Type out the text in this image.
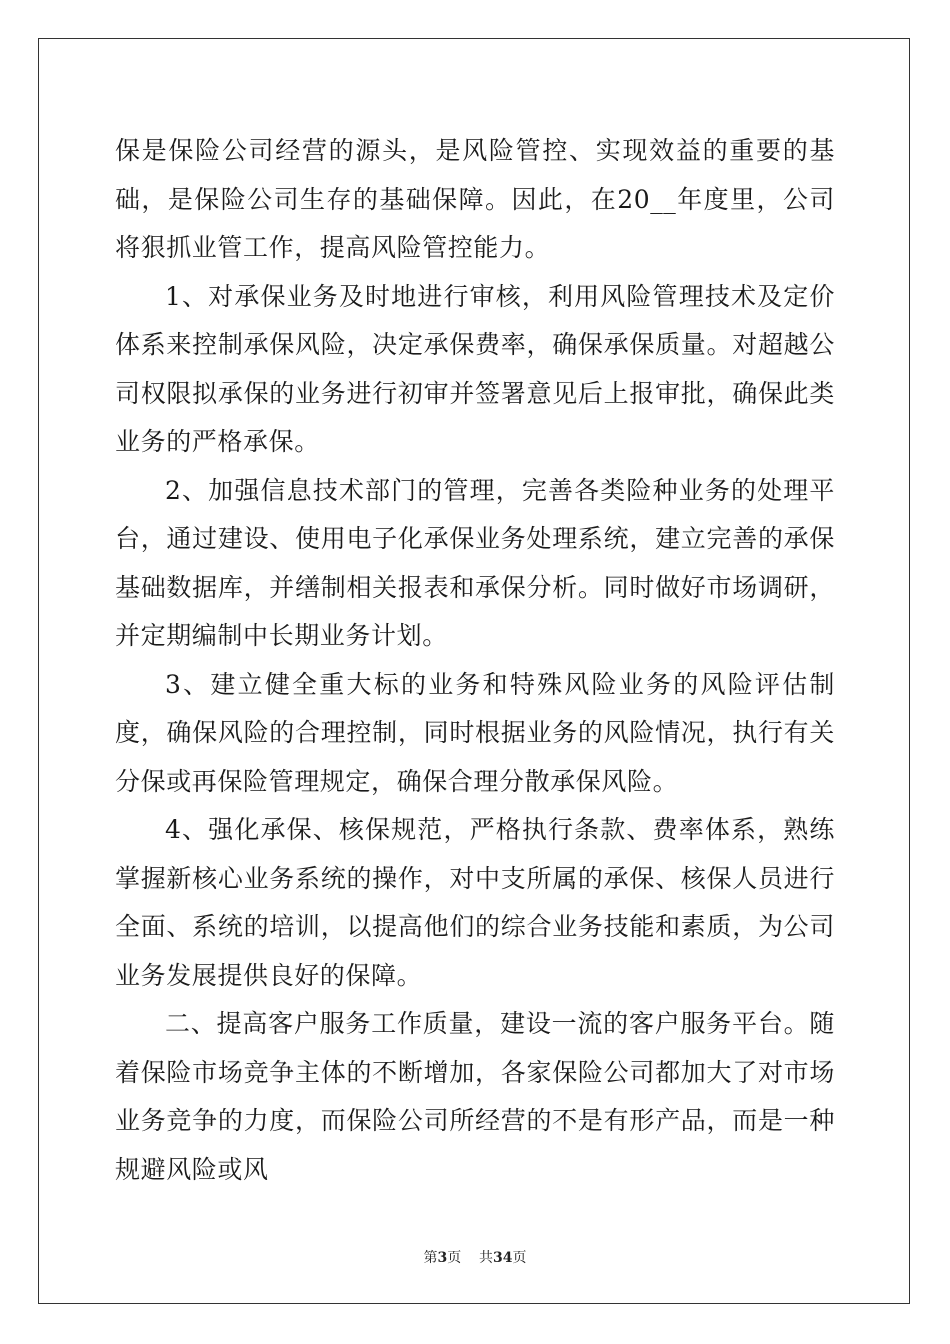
保是保险公司经营的源头，是风险管控、实现效益的重要的基础，是保险公司生存的基础保障。因此，在20__年度里，公司将狠抓业管工作，提高风险管控能力。

1、对承保业务及时地进行审核，利用风险管理技术及定价体系来控制承保风险，决定承保费率，确保承保质量。对超越公司权限拟承保的业务进行初审并签署意见后上报审批，确保此类业务的严格承保。

2、加强信息技术部门的管理，完善各类险种业务的处理平台，通过建设、使用电子化承保业务处理系统，建立完善的承保基础数据库，并缮制相关报表和承保分析。同时做好市场调研，并定期编制中长期业务计划。

3、建立健全重大标的业务和特殊风险业务的风险评估制度，确保风险的合理控制，同时根据业务的风险情况，执行有关分保或再保险管理规定，确保合理分散承保风险。

4、强化承保、核保规范，严格执行条款、费率体系，熟练掌握新核心业务系统的操作，对中支所属的承保、核保人员进行全面、系统的培训，以提高他们的综合业务技能和素质，为公司业务发展提供良好的保障。

二、提高客户服务工作质量，建设一流的客户服务平台。随着保险市场竞争主体的不断增加，各家保险公司都加大了对市场业务竞争的力度，而保险公司所经营的不是有形产品，而是一种规避风险或风

第3页 共34页
